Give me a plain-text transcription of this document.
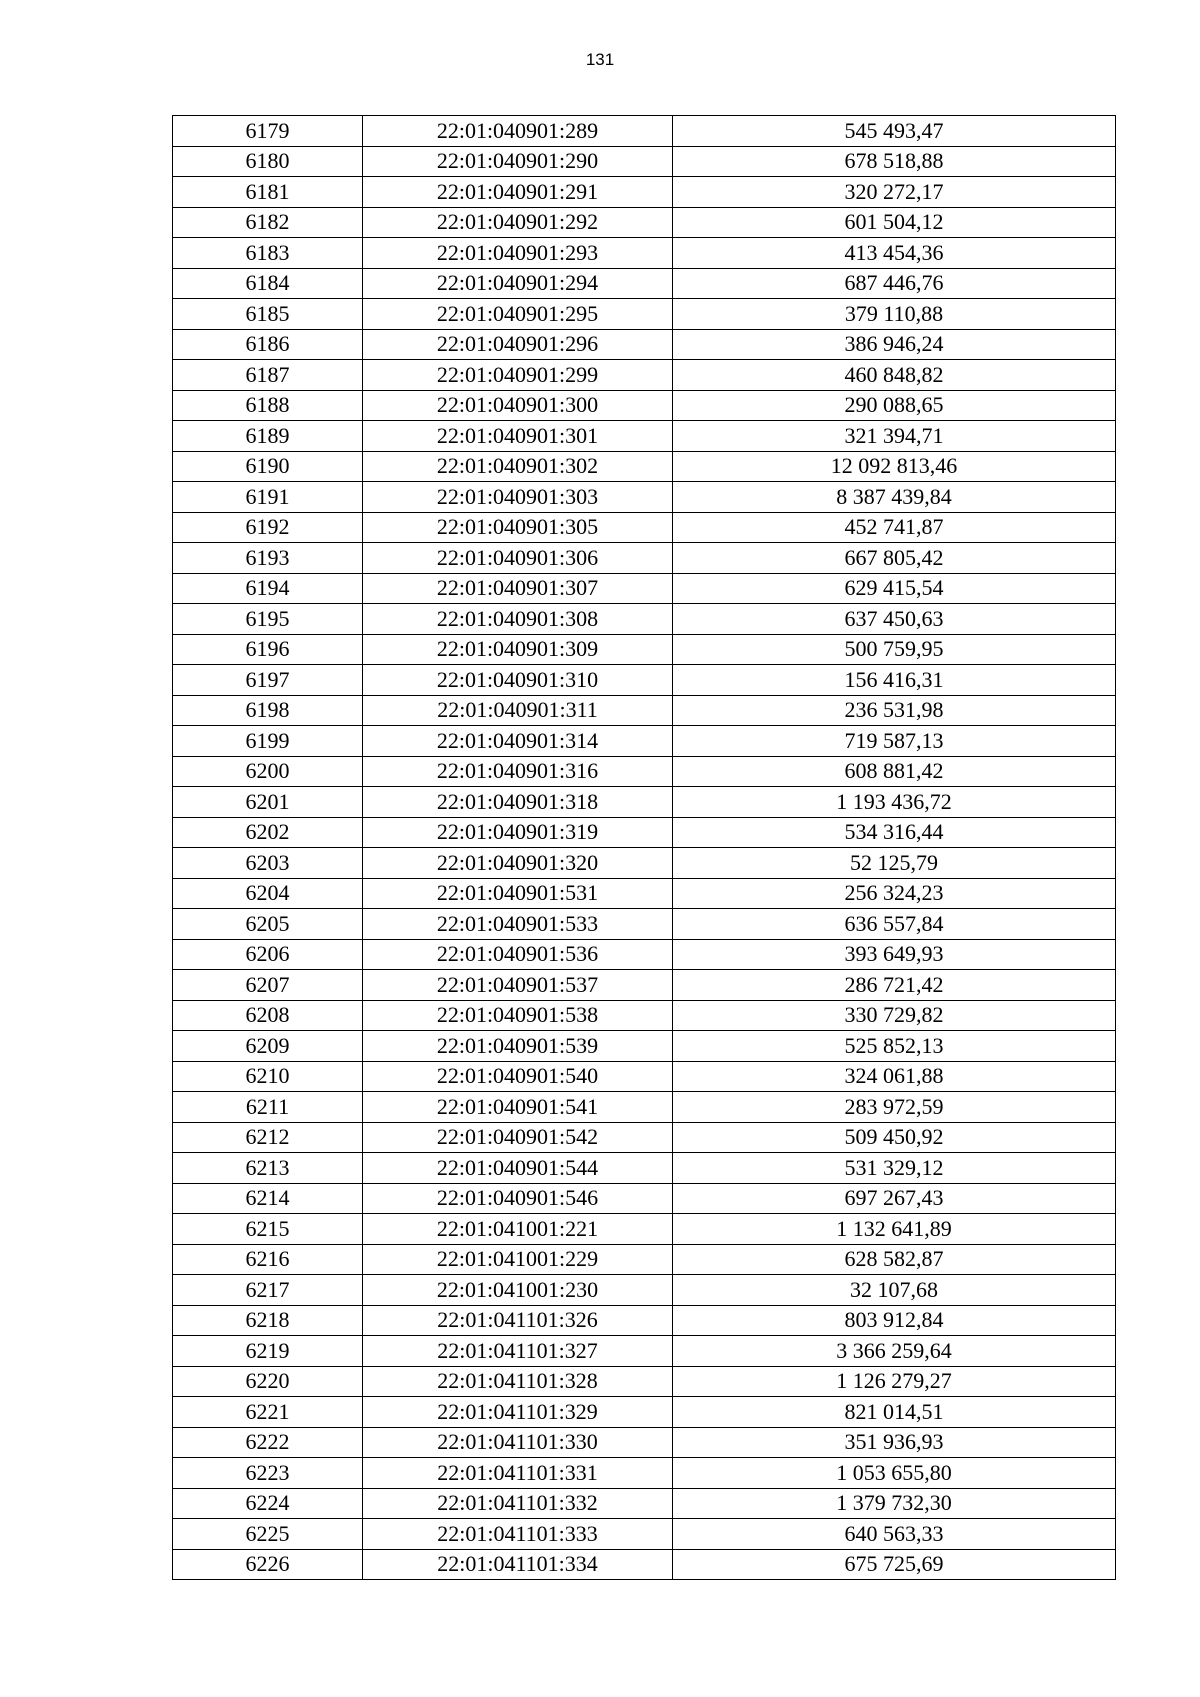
131
6179	22:01:040901:289	545 493,47
6180	22:01:040901:290	678 518,88
6181	22:01:040901:291	320 272,17
6182	22:01:040901:292	601 504,12
6183	22:01:040901:293	413 454,36
6184	22:01:040901:294	687 446,76
6185	22:01:040901:295	379 110,88
6186	22:01:040901:296	386 946,24
6187	22:01:040901:299	460 848,82
6188	22:01:040901:300	290 088,65
6189	22:01:040901:301	321 394,71
6190	22:01:040901:302	12 092 813,46
6191	22:01:040901:303	8 387 439,84
6192	22:01:040901:305	452 741,87
6193	22:01:040901:306	667 805,42
6194	22:01:040901:307	629 415,54
6195	22:01:040901:308	637 450,63
6196	22:01:040901:309	500 759,95
6197	22:01:040901:310	156 416,31
6198	22:01:040901:311	236 531,98
6199	22:01:040901:314	719 587,13
6200	22:01:040901:316	608 881,42
6201	22:01:040901:318	1 193 436,72
6202	22:01:040901:319	534 316,44
6203	22:01:040901:320	52 125,79
6204	22:01:040901:531	256 324,23
6205	22:01:040901:533	636 557,84
6206	22:01:040901:536	393 649,93
6207	22:01:040901:537	286 721,42
6208	22:01:040901:538	330 729,82
6209	22:01:040901:539	525 852,13
6210	22:01:040901:540	324 061,88
6211	22:01:040901:541	283 972,59
6212	22:01:040901:542	509 450,92
6213	22:01:040901:544	531 329,12
6214	22:01:040901:546	697 267,43
6215	22:01:041001:221	1 132 641,89
6216	22:01:041001:229	628 582,87
6217	22:01:041001:230	32 107,68
6218	22:01:041101:326	803 912,84
6219	22:01:041101:327	3 366 259,64
6220	22:01:041101:328	1 126 279,27
6221	22:01:041101:329	821 014,51
6222	22:01:041101:330	351 936,93
6223	22:01:041101:331	1 053 655,80
6224	22:01:041101:332	1 379 732,30
6225	22:01:041101:333	640 563,33
6226	22:01:041101:334	675 725,69
